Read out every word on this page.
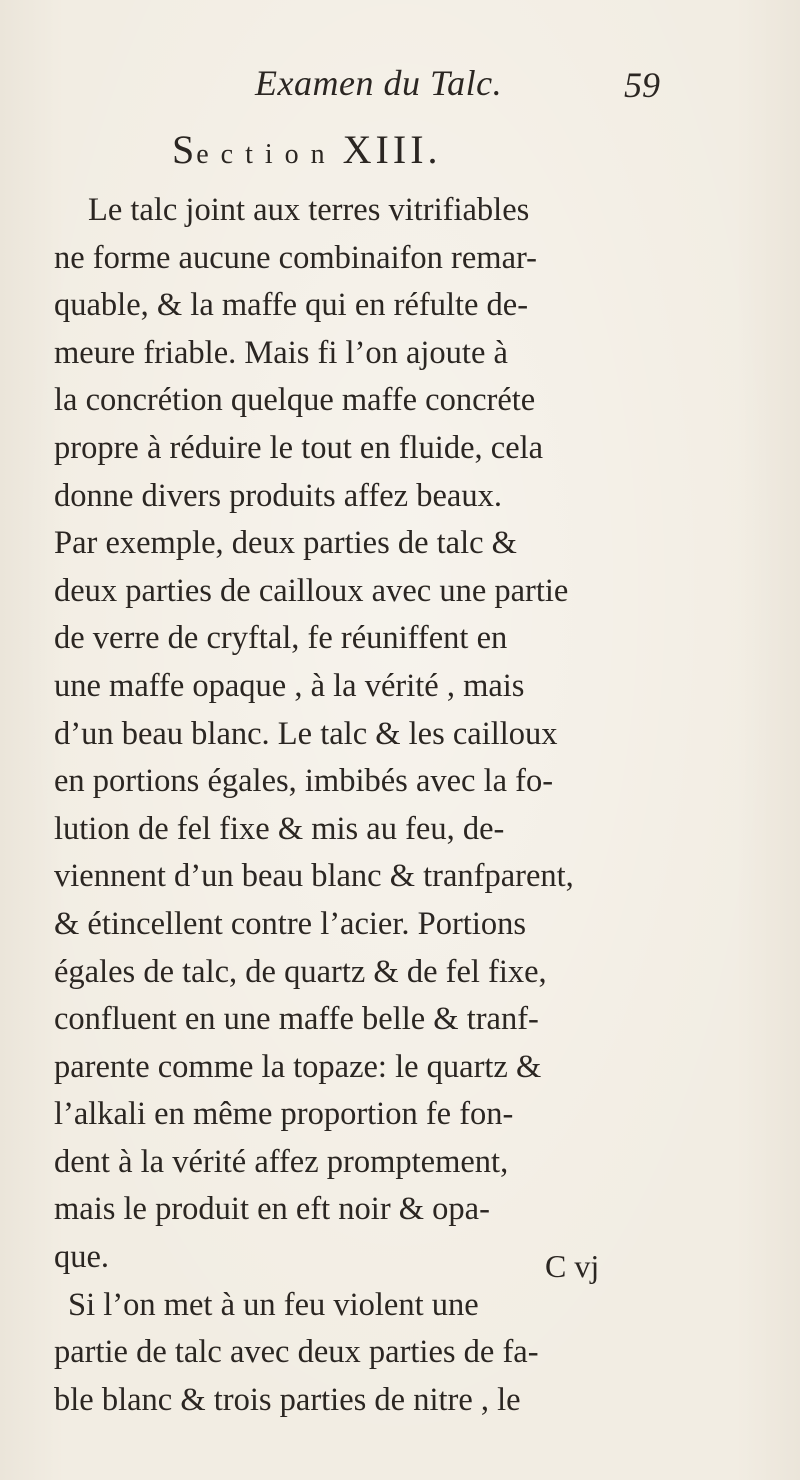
Examen du Talc.	59
Section XIII.
Le talc joint aux terres vitrifiables
ne forme aucune combinaifon remar-
quable, & la maffe qui en réfulte de-
meure friable. Mais fi l’on ajoute à
la concrétion quelque maffe concréte
propre à réduire le tout en fluide, cela
donne divers produits affez beaux.
Par exemple, deux parties de talc &
deux parties de cailloux avec une partie
de verre de cryftal, fe réuniffent en
une maffe opaque , à la vérité , mais
d’un beau blanc. Le talc & les cailloux
en portions égales, imbibés avec la fo-
lution de fel fixe & mis au feu, de-
viennent d’un beau blanc & tranfparent,
& étincellent contre l’acier. Portions
égales de talc, de quartz & de fel fixe,
confluent en une maffe belle & tranf-
parente comme la topaze: le quartz &
l’alkali en même proportion fe fon-
dent à la vérité affez promptement,
mais le produit en eft noir & opa-
que.
Si l’on met à un feu violent une
partie de talc avec deux parties de fa-
ble blanc & trois parties de nitre , le
C vj
